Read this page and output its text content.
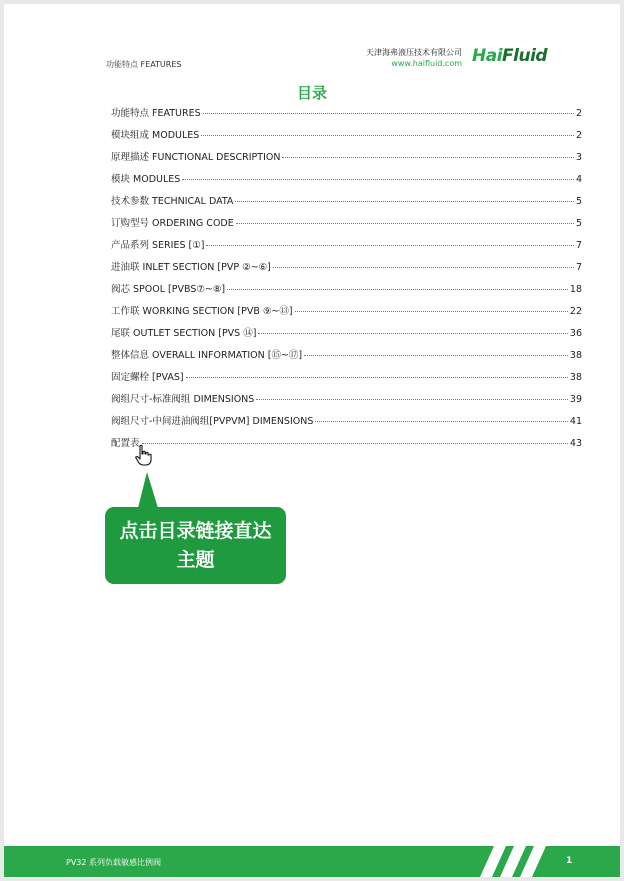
功能特点 FEATURES
天津海弗液压技术有限公司
www.haifluid.com HaiFluid
目录
功能特点 FEATURES	2
模块组成 MODULES	2
原理描述 FUNCTIONAL DESCRIPTION	3
模块 MODULES	4
技术参数 TECHNICAL DATA	5
订购型号 ORDERING CODE	5
产品系列 SERIES [①]	7
进油联 INLET SECTION [PVP ②~⑥]	7
阀芯 SPOOL [PVBS⑦~⑧]	18
工作联 WORKING SECTION [PVB ⑨~⑬]	22
尾联 OUTLET SECTION [PVS ⑭]	36
整体信息 OVERALL INFORMATION [⑮~⑰]	38
固定螺栓 [PVAS]	38
阀组尺寸-标准阀组 DIMENSIONS	39
阀组尺寸-中间进油阀组[PVPVM] DIMENSIONS	41
配置表	43
点击目录链接直达主题
PV32 系列负载敏感比例阀	1
